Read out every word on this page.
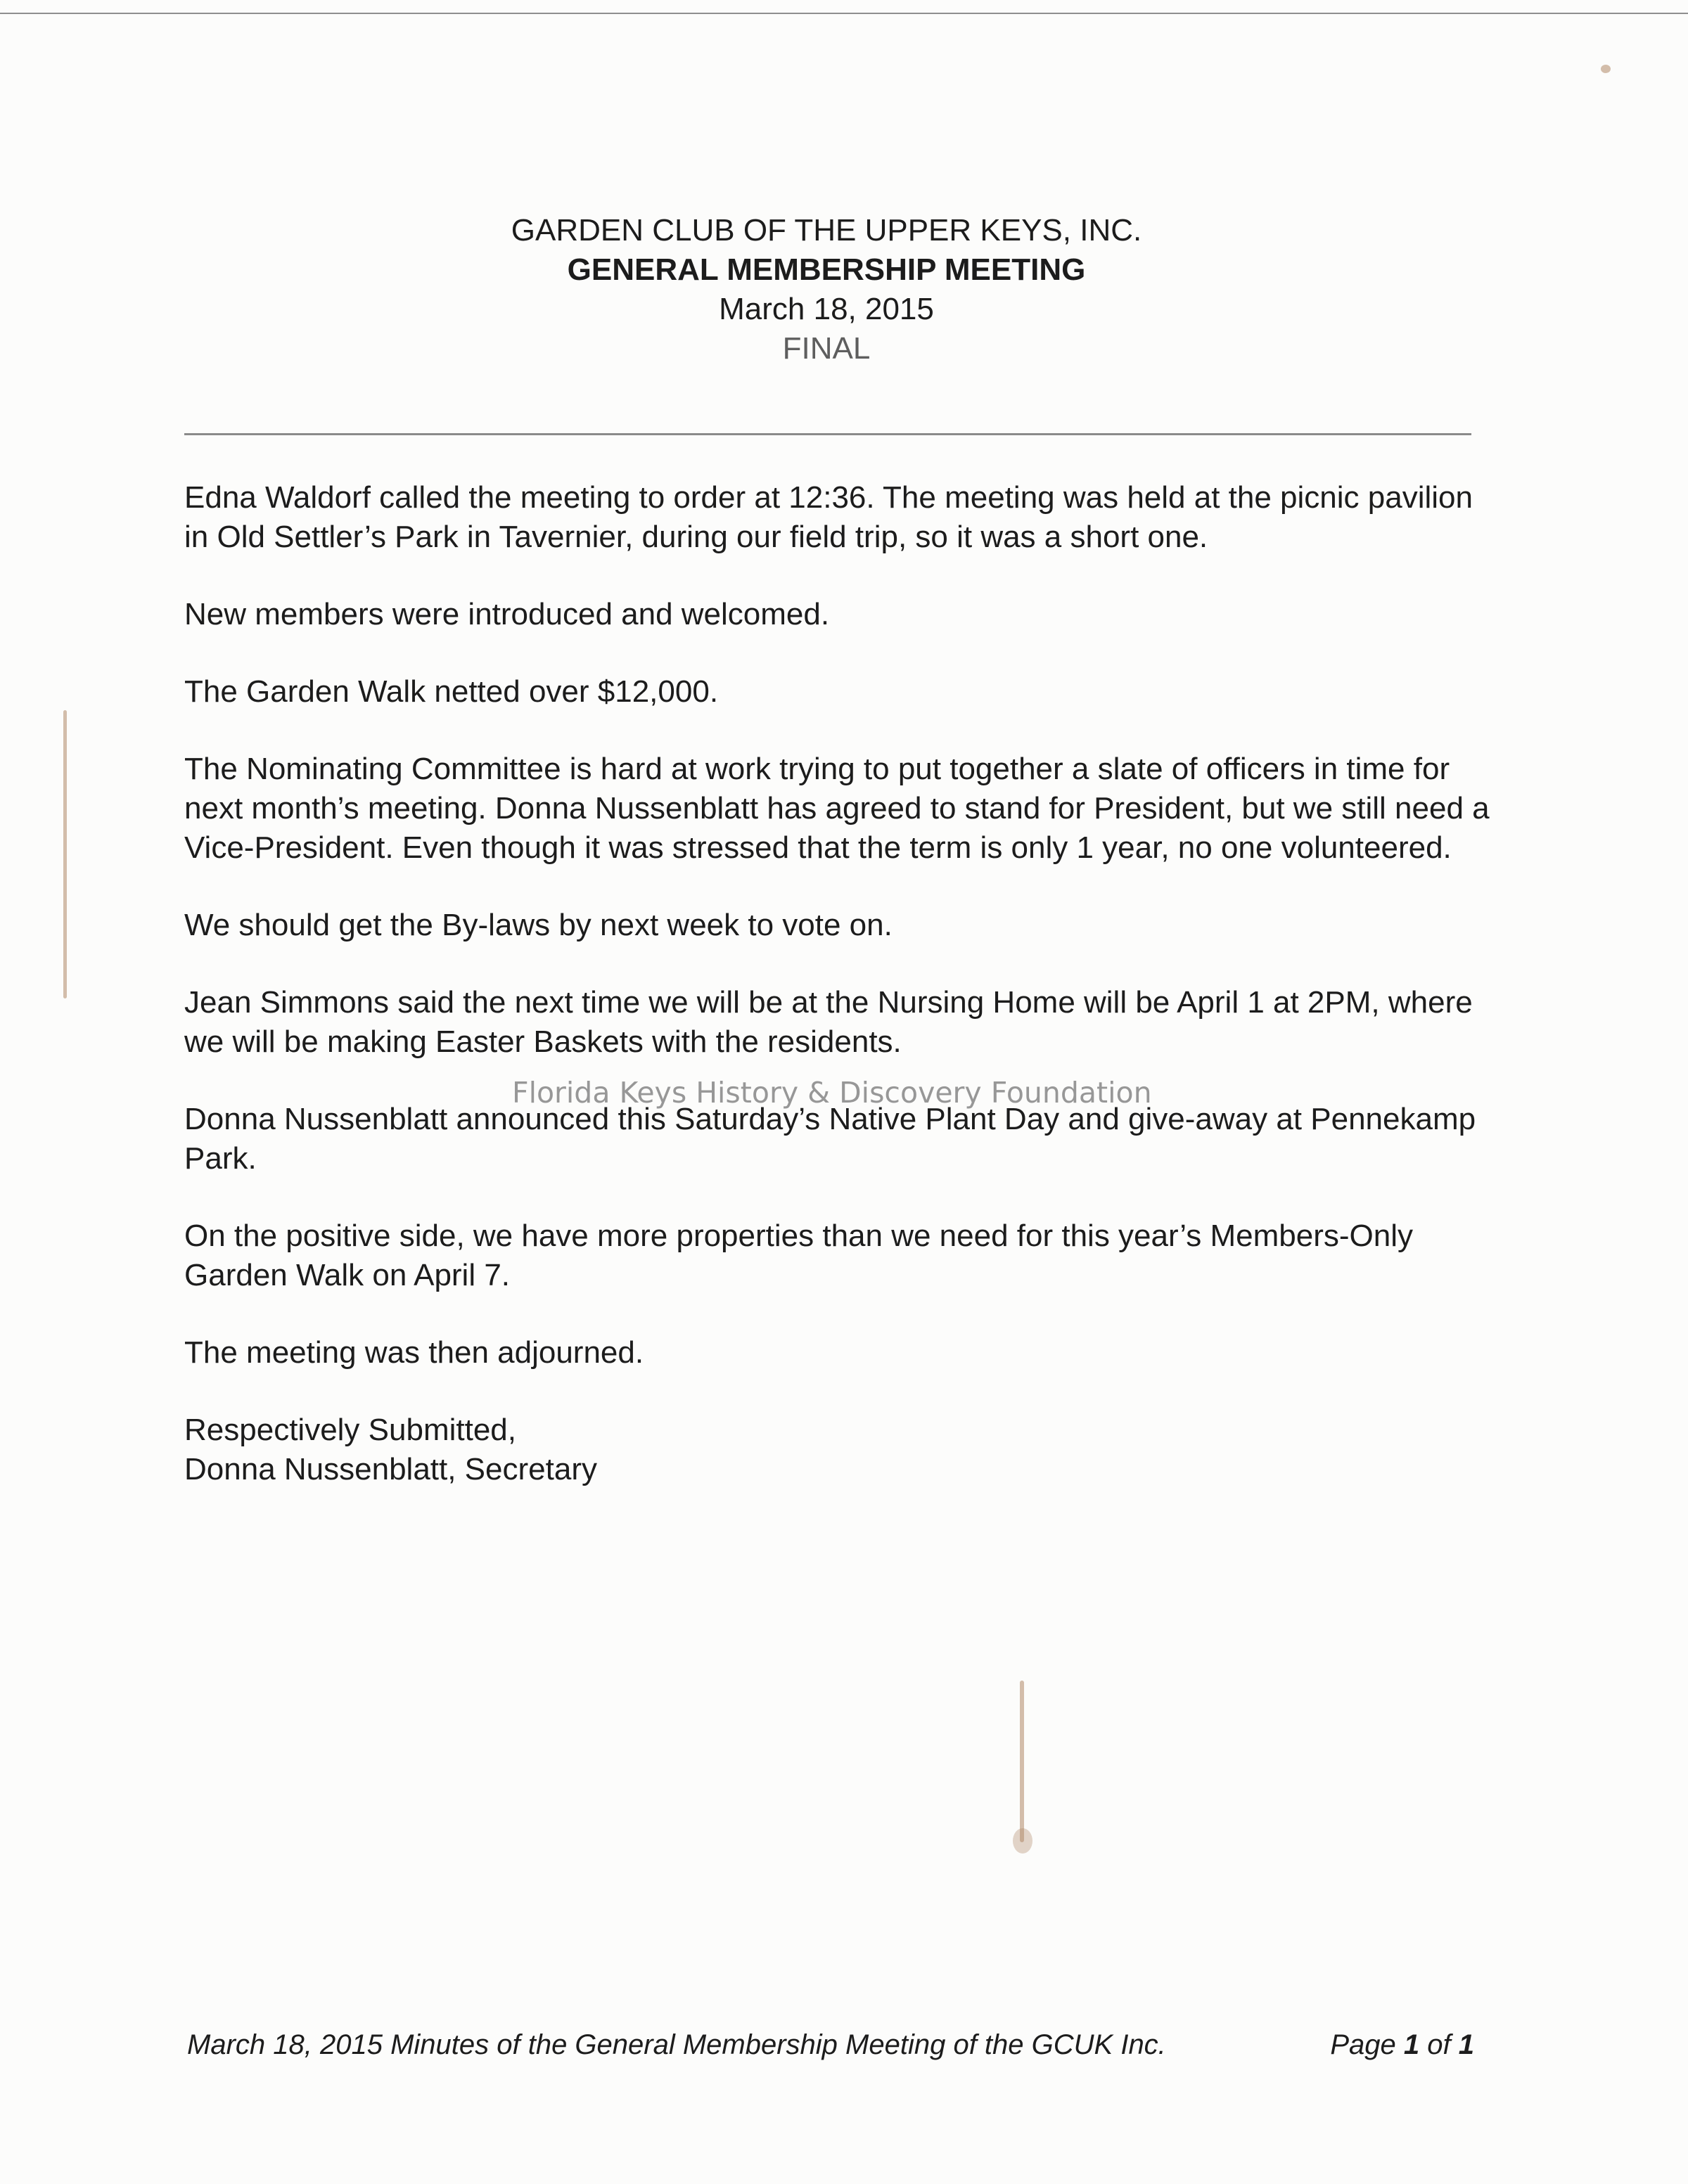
GARDEN CLUB OF THE UPPER KEYS, INC.
GENERAL MEMBERSHIP MEETING
March 18, 2015
FINAL

Edna Waldorf called the meeting to order at 12:36. The meeting was held at the picnic pavilion in Old Settler’s Park in Tavernier, during our field trip, so it was a short one.

New members were introduced and welcomed.

The Garden Walk netted over $12,000.

The Nominating Committee is hard at work trying to put together a slate of officers in time for next month’s meeting. Donna Nussenblatt has agreed to stand for President, but we still need a Vice-President. Even though it was stressed that the term is only 1 year, no one volunteered.

We should get the By-laws by next week to vote on.

Jean Simmons said the next time we will be at the Nursing Home will be April 1 at 2PM, where we will be making Easter Baskets with the residents.

Donna Nussenblatt announced this Saturday’s Native Plant Day and give-away at Pennekamp Park.

On the positive side, we have more properties than we need for this year’s Members-Only Garden Walk on April 7.

The meeting was then adjourned.

Respectively Submitted,

Donna Nussenblatt, Secretary

Florida Keys History & Discovery Foundation
March 18, 2015 Minutes of the General Membership Meeting of the GCUK Inc.	Page 1 of 1
